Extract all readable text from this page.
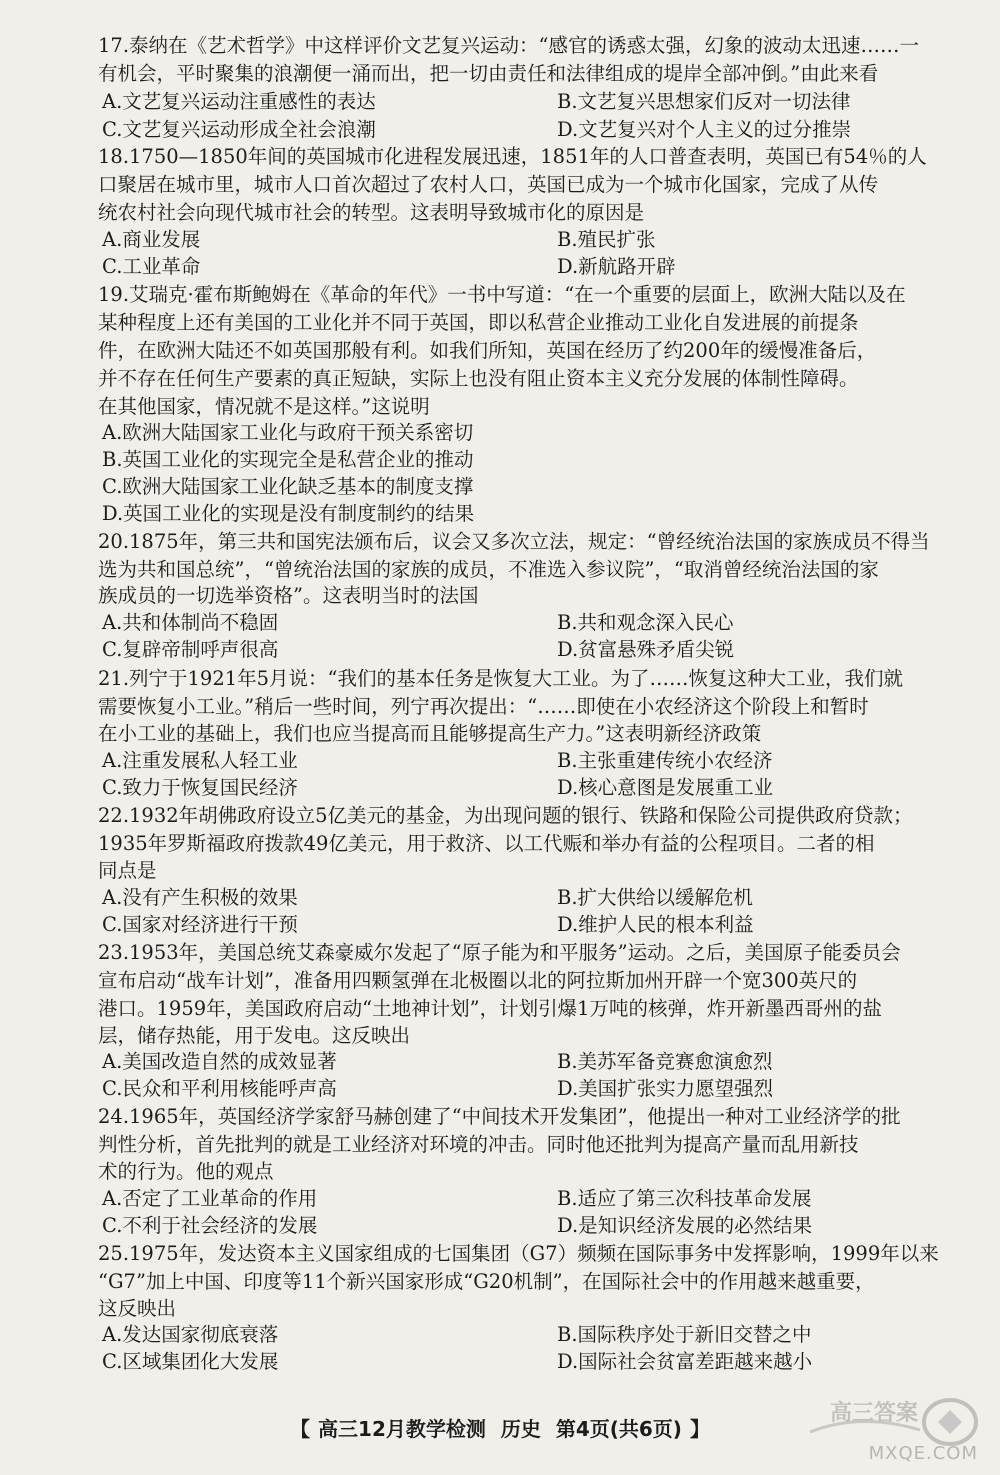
17.泰纳在《艺术哲学》中这样评价文艺复兴运动：“感官的诱惑太强，幻象的波动太迅速……一
有机会，平时聚集的浪潮便一涌而出，把一切由责任和法律组成的堤岸全部冲倒。”由此来看
A.文艺复兴运动注重感性的表达	B.文艺复兴思想家们反对一切法律
C.文艺复兴运动形成全社会浪潮	D.文艺复兴对个人主义的过分推崇
18.1750—1850年间的英国城市化进程发展迅速，1851年的人口普查表明，英国已有54％的人
口聚居在城市里，城市人口首次超过了农村人口，英国已成为一个城市化国家，完成了从传
统农村社会向现代城市社会的转型。这表明导致城市化的原因是
A.商业发展	B.殖民扩张
C.工业革命	D.新航路开辟
19.艾瑞克·霍布斯鲍姆在《革命的年代》一书中写道：“在一个重要的层面上，欧洲大陆以及在
某种程度上还有美国的工业化并不同于英国，即以私营企业推动工业化自发进展的前提条
件，在欧洲大陆还不如英国那般有利。如我们所知，英国在经历了约200年的缓慢准备后，
并不存在任何生产要素的真正短缺，实际上也没有阻止资本主义充分发展的体制性障碍。
在其他国家，情况就不是这样。”这说明
A.欧洲大陆国家工业化与政府干预关系密切
B.英国工业化的实现完全是私营企业的推动
C.欧洲大陆国家工业化缺乏基本的制度支撑
D.英国工业化的实现是没有制度制约的结果
20.1875年，第三共和国宪法颁布后，议会又多次立法，规定：“曾经统治法国的家族成员不得当
选为共和国总统”，“曾统治法国的家族的成员，不准选入参议院”，“取消曾经统治法国的家
族成员的一切选举资格”。这表明当时的法国
A.共和体制尚不稳固	B.共和观念深入民心
C.复辟帝制呼声很高	D.贫富悬殊矛盾尖锐
21.列宁于1921年5月说：“我们的基本任务是恢复大工业。为了……恢复这种大工业，我们就
需要恢复小工业。”稍后一些时间，列宁再次提出：“……即使在小农经济这个阶段上和暂时
在小工业的基础上，我们也应当提高而且能够提高生产力。”这表明新经济政策
A.注重发展私人轻工业	B.主张重建传统小农经济
C.致力于恢复国民经济	D.核心意图是发展重工业
22.1932年胡佛政府设立5亿美元的基金，为出现问题的银行、铁路和保险公司提供政府贷款；
1935年罗斯福政府拨款49亿美元，用于救济、以工代赈和举办有益的公程项目。二者的相
同点是
A.没有产生积极的效果	B.扩大供给以缓解危机
C.国家对经济进行干预	D.维护人民的根本利益
23.1953年，美国总统艾森豪威尔发起了“原子能为和平服务”运动。之后，美国原子能委员会
宣布启动“战车计划”，准备用四颗氢弹在北极圈以北的阿拉斯加州开辟一个宽300英尺的
港口。1959年，美国政府启动“土地神计划”，计划引爆1万吨的核弹，炸开新墨西哥州的盐
层，储存热能，用于发电。这反映出
A.美国改造自然的成效显著	B.美苏军备竞赛愈演愈烈
C.民众和平利用核能呼声高	D.美国扩张实力愿望强烈
24.1965年，英国经济学家舒马赫创建了“中间技术开发集团”，他提出一种对工业经济学的批
判性分析，首先批判的就是工业经济对环境的冲击。同时他还批判为提高产量而乱用新技
术的行为。他的观点
A.否定了工业革命的作用	B.适应了第三次科技革命发展
C.不利于社会经济的发展	D.是知识经济发展的必然结果
25.1975年，发达资本主义国家组成的七国集团（G7）频频在国际事务中发挥影响，1999年以来
“G7”加上中国、印度等11个新兴国家形成“G20机制”，在国际社会中的作用越来越重要，
这反映出
A.发达国家彻底衰落	B.国际秩序处于新旧交替之中
C.区域集团化大发展	D.国际社会贫富差距越来越小
【 高三12月教学检测 历史 第4页(共6页) 】
高三答案
MXQE.COM
